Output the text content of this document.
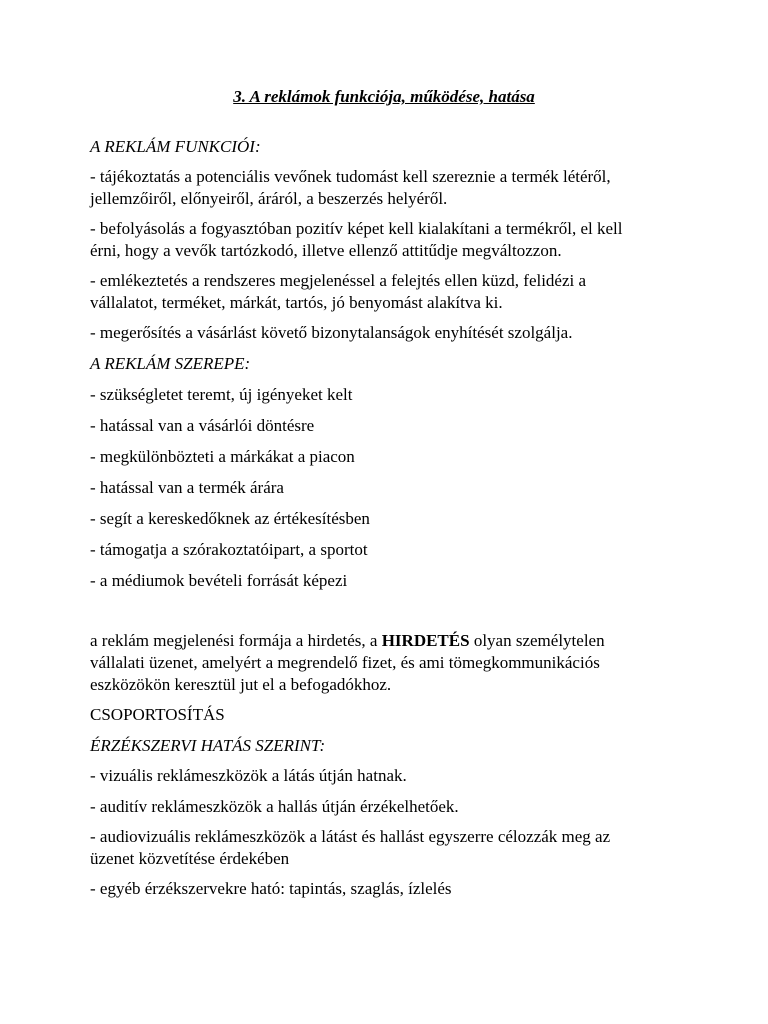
3. A reklámok funkciója, működése, hatása

A REKLÁM FUNKCIÓI:

- tájékoztatás a potenciális vevőnek tudomást kell szereznie a termék létéről,

jellemzőiről, előnyeiről, áráról, a beszerzés helyéről.

- befolyásolás a fogyasztóban pozitív képet kell kialakítani a termékről, el kell

érni, hogy a vevők tartózkodó, illetve ellenző attitűdje megváltozzon.

- emlékeztetés a rendszeres megjelenéssel a felejtés ellen küzd, felidézi a

vállalatot, terméket, márkát, tartós, jó benyomást alakítva ki.

- megerősítés a vásárlást követő bizonytalanságok enyhítését szolgálja.

A REKLÁM SZEREPE:

- szükségletet teremt, új igényeket kelt

- hatással van a vásárlói döntésre

- megkülönbözteti a márkákat a piacon

- hatással van a termék árára

- segít a kereskedőknek az értékesítésben

- támogatja a szórakoztatóipart, a sportot

- a médiumok bevételi forrását képezi

a reklám megjelenési formája a hirdetés, a HIRDETÉS olyan személytelen

vállalati üzenet, amelyért a megrendelő fizet, és ami tömegkommunikációs

eszközökön keresztül jut el a befogadókhoz.

CSOPORTOSÍTÁS

ÉRZÉKSZERVI HATÁS SZERINT:

- vizuális reklámeszközök a látás útján hatnak.

- auditív reklámeszközök a hallás útján érzékelhetőek.

- audiovizuális reklámeszközök a látást és hallást egyszerre célozzák meg az

üzenet közvetítése érdekében

- egyéb érzékszervekre ható: tapintás, szaglás, ízlelés
